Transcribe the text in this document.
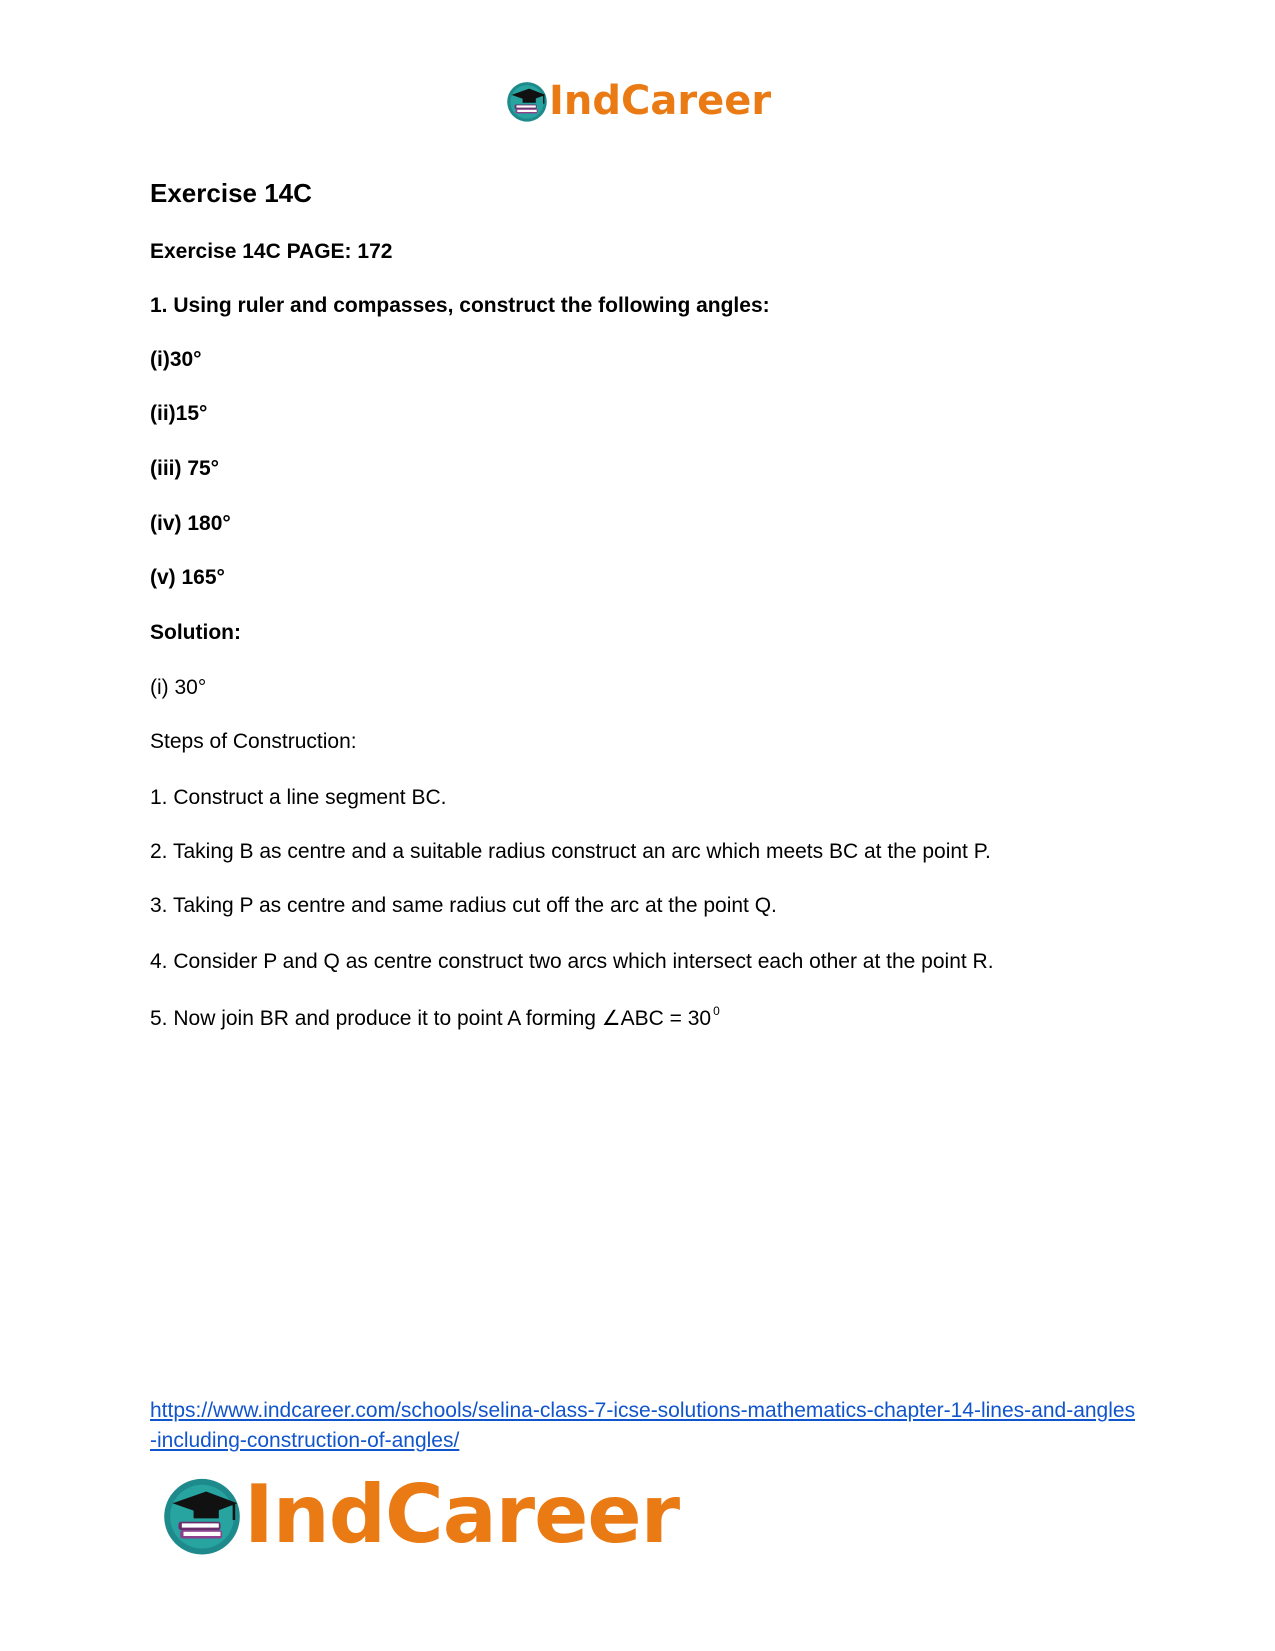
IndCareer
Exercise 14C
Exercise 14C PAGE: 172
1. Using ruler and compasses, construct the following angles:
(i)30°
(ii)15°
(iii) 75°
(iv) 180°
(v) 165°
Solution:
(i) 30°
Steps of Construction:
1. Construct a line segment BC.
2. Taking B as centre and a suitable radius construct an arc which meets BC at the point P.
3. Taking P as centre and same radius cut off the arc at the point Q.
4. Consider P and Q as centre construct two arcs which intersect each other at the point R.
5. Now join BR and produce it to point A forming ∠ABC = 30 $^0$
https://www.indcareer.com/schools/selina-class-7-icse-solutions-mathematics-chapter-14-lines-and-angles-including-construction-of-angles/
IndCareer
